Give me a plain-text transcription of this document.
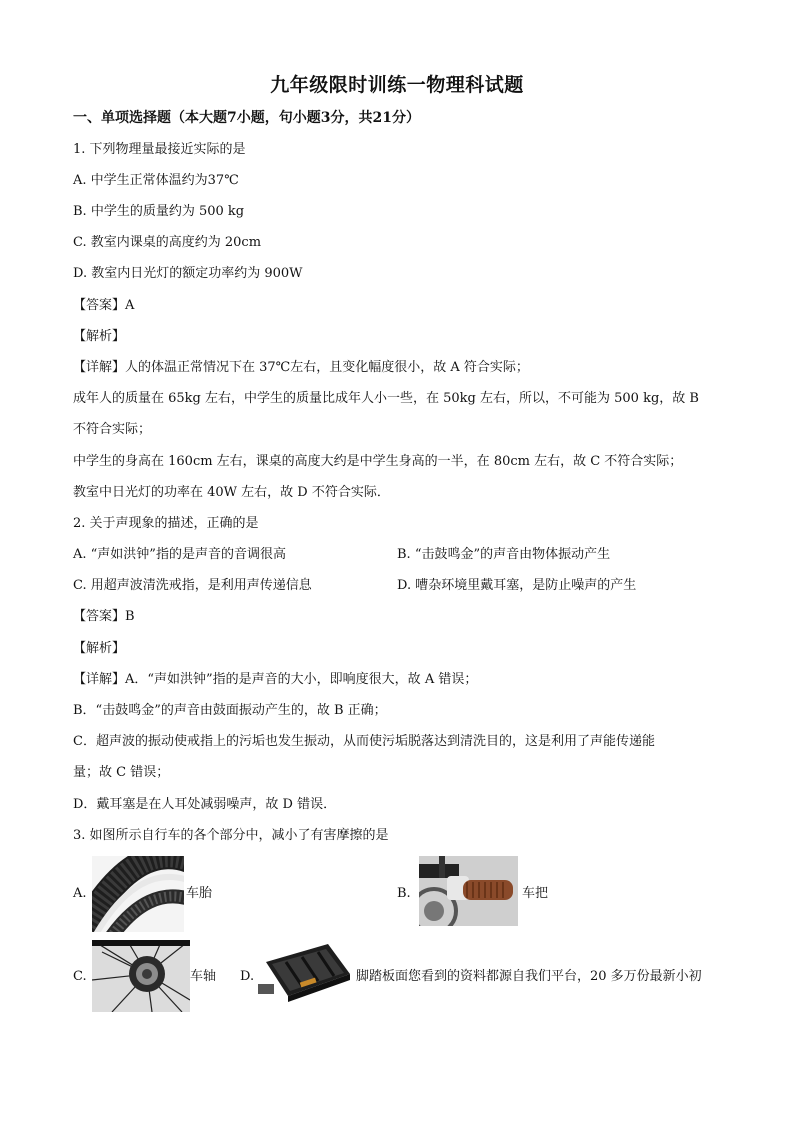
九年级限时训练一物理科试题
一、单项选择题（本大题7小题，句小题3分，共21分）
1. 下列物理量最接近实际的是
A. 中学生正常体温约为37℃
B. 中学生的质量约为 500 kg
C. 教室内课桌的高度约为 20cm
D. 教室内日光灯的额定功率约为 900W
【答案】A
【解析】
【详解】人的体温正常情况下在 37℃左右，且变化幅度很小，故 A 符合实际；
成年人的质量在 65kg 左右，中学生的质量比成年人小一些，在 50kg 左右，所以，不可能为 500 kg，故 B
不符合实际；
中学生的身高在 160cm 左右，课桌的高度大约是中学生身高的一半，在 80cm 左右，故 C 不符合实际；
教室中日光灯的功率在 40W 左右，故 D 不符合实际．
2. 关于声现象的描述，正确的是
A. “声如洪钟”指的是声音的音调很高	B. “击鼓鸣金”的声音由物体振动产生
C. 用超声波清洗戒指，是利用声传递信息	D. 嘈杂环境里戴耳塞，是防止噪声的产生
【答案】B
【解析】
【详解】A．“声如洪钟”指的是声音的大小，即响度很大，故 A 错误；
B．“击鼓鸣金”的声音由鼓面振动产生的，故 B 正确；
C．超声波的振动使戒指上的污垢也发生振动，从而使污垢脱落达到清洗目的，这是利用了声能传递能
量；故 C 错误；
D．戴耳塞是在人耳处减弱噪声，故 D 错误．
3. 如图所示自行车的各个部分中，减小了有害摩擦的是
A.	车胎	B.	车把
C.	车轴 D.	脚踏板面您看到的资料都源自我们平台，20 多万份最新小初
